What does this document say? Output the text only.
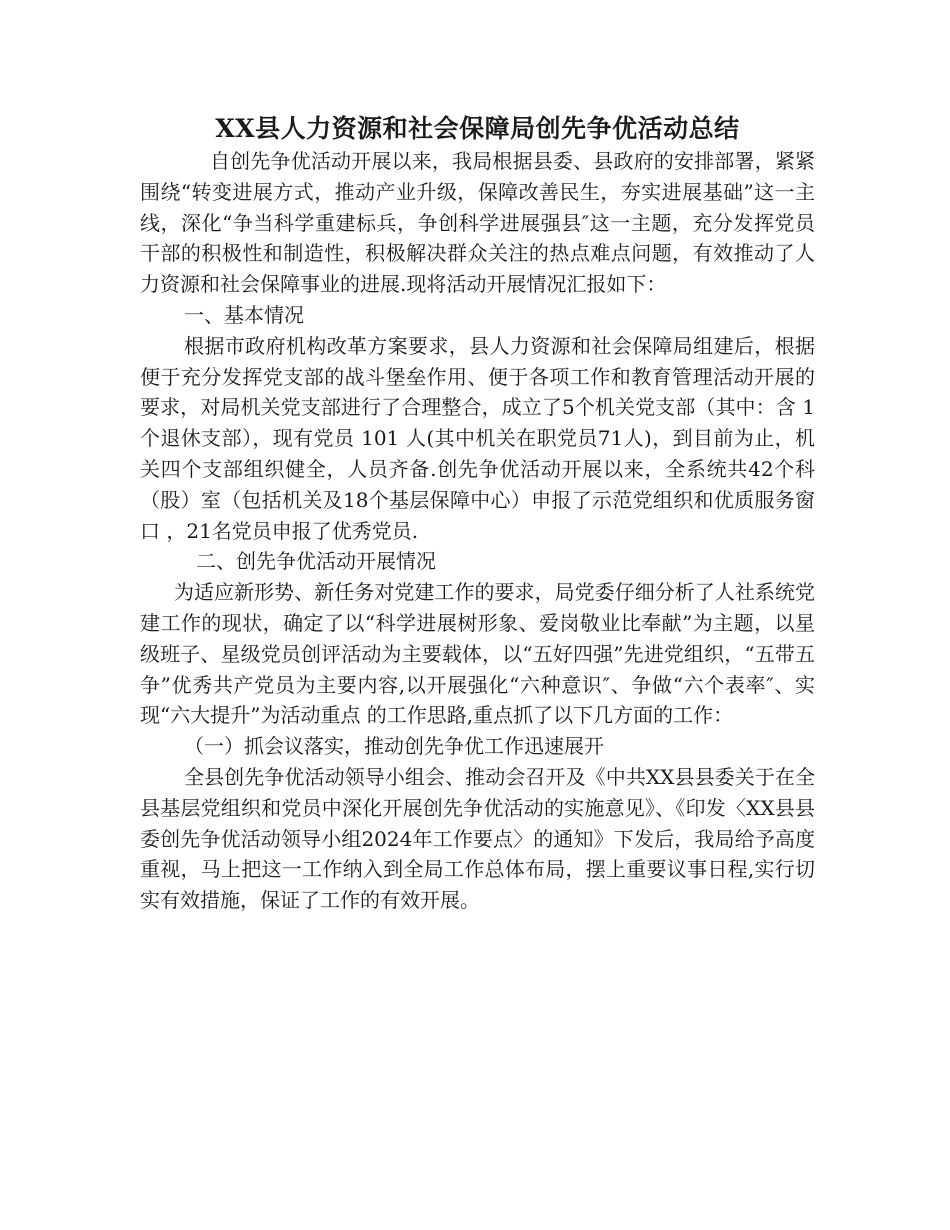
XX县人力资源和社会保障局创先争优活动总结

自创先争优活动开展以来，我局根据县委、县政府的安排部署，紧紧围绕“转变进展方式，推动产业升级，保障改善民生，夯实进展基础”这一主线，深化“争当科学重建标兵，争创科学进展强县″这一主题，充分发挥党员干部的积极性和制造性，积极解决群众关注的热点难点问题，有效推动了人力资源和社会保障事业的进展.现将活动开展情况汇报如下：

一、基本情况

根据市政府机构改革方案要求，县人力资源和社会保障局组建后，根据便于充分发挥党支部的战斗堡垒作用、便于各项工作和教育管理活动开展的要求，对局机关党支部进行了合理整合，成立了5个机关党支部（其中：含 1个退休支部），现有党员 101 人(其中机关在职党员71人)，到目前为止，机关四个支部组织健全，人员齐备.创先争优活动开展以来，全系统共42个科（股）室（包括机关及18个基层保障中心）申报了示范党组织和优质服务窗口 ，21名党员申报了优秀党员.

二、创先争优活动开展情况

为适应新形势、新任务对党建工作的要求，局党委仔细分析了人社系统党建工作的现状，确定了以“科学进展树形象、爱岗敬业比奉献”为主题，以星级班子、星级党员创评活动为主要载体，以“五好四强”先进党组织，“五带五争”优秀共产党员为主要内容,以开展强化“六种意识″、争做“六个表率″、实现“六大提升”为活动重点 的工作思路,重点抓了以下几方面的工作：

（一）抓会议落实，推动创先争优工作迅速展开

全县创先争优活动领导小组会、推动会召开及《中共XX县县委关于在全县基层党组织和党员中深化开展创先争优活动的实施意见》、《印发〈XX县县委创先争优活动领导小组2024年工作要点〉的通知》下发后，我局给予高度重视，马上把这一工作纳入到全局工作总体布局，摆上重要议事日程,实行切实有效措施，保证了工作的有效开展。
